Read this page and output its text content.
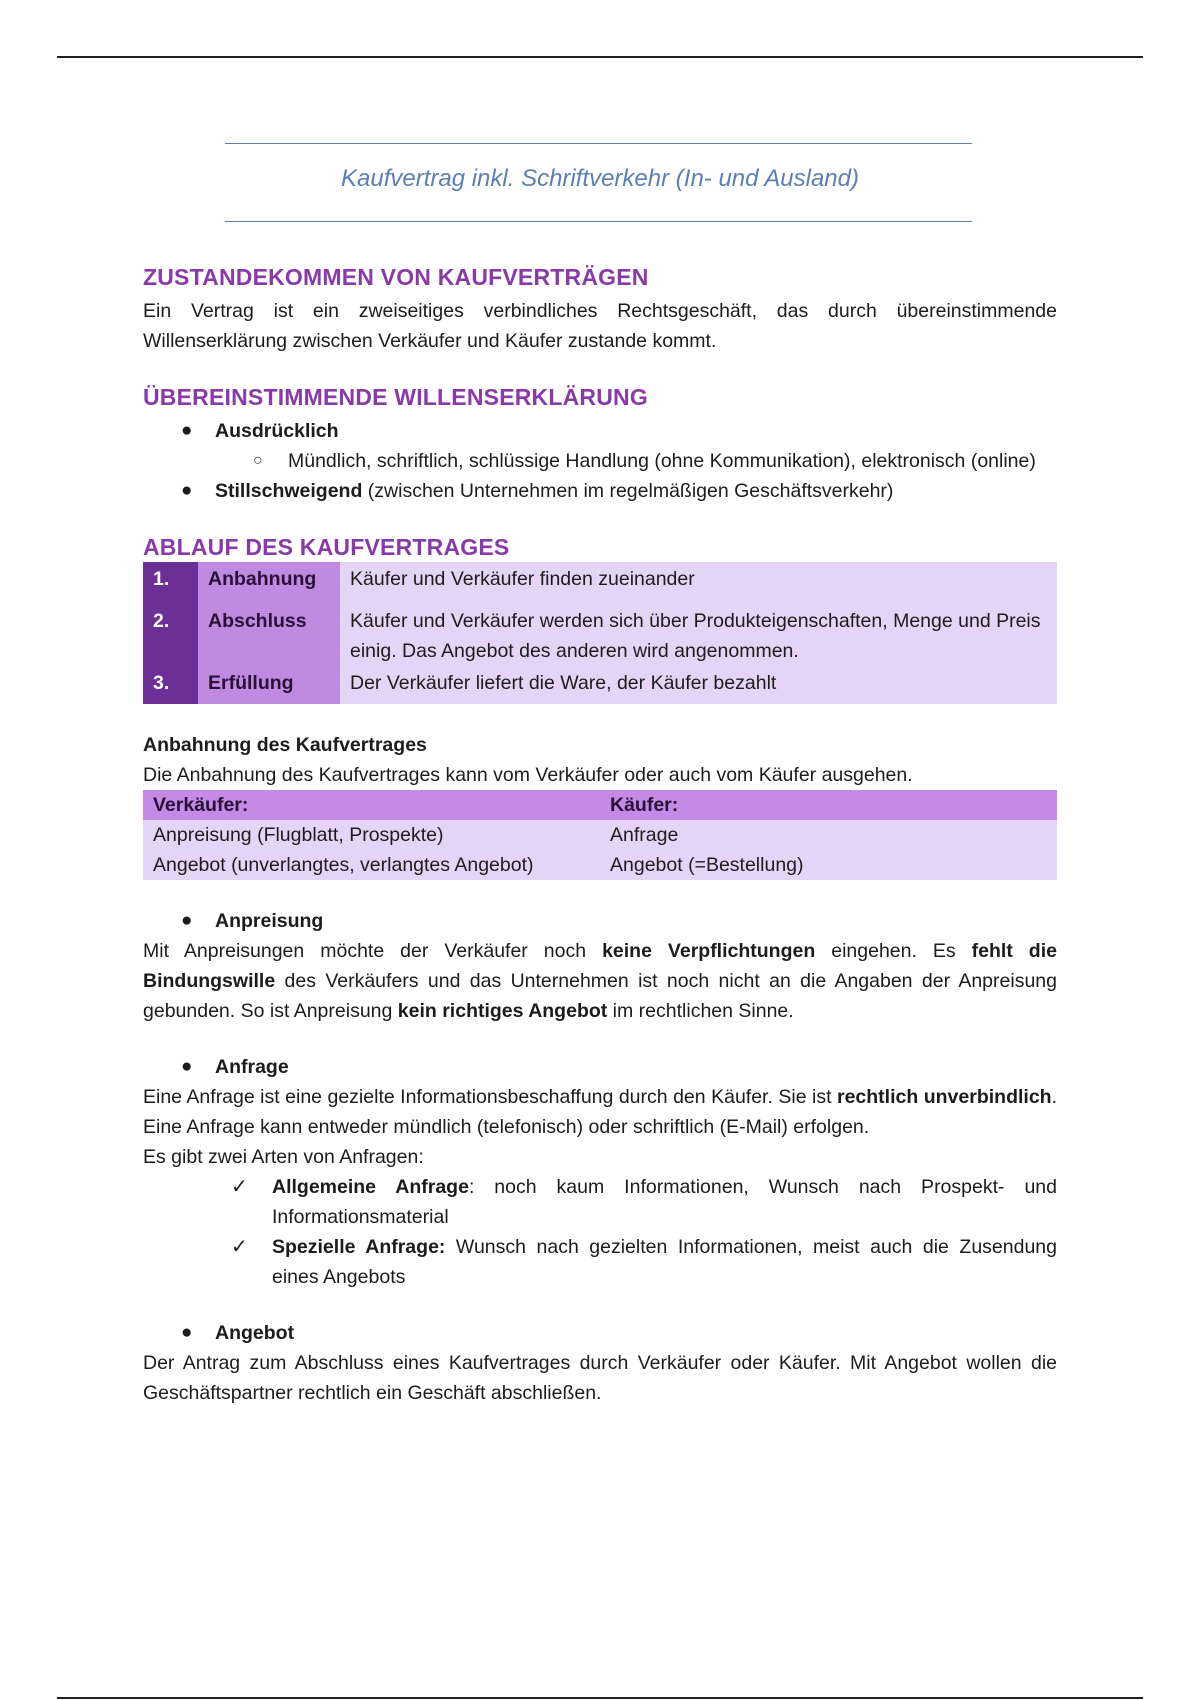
Kaufvertrag inkl. Schriftverkehr (In- und Ausland)
ZUSTANDEKOMMEN VON KAUFVERTRÄGEN

Ein Vertrag ist ein zweiseitiges verbindliches Rechtsgeschäft, das durch übereinstimmende Willenserklärung zwischen Verkäufer und Käufer zustande kommt.

ÜBEREINSTIMMENDE WILLENSERKLÄRUNG
● Ausdrücklich
○ Mündlich, schriftlich, schlüssige Handlung (ohne Kommunikation), elektronisch (online)
● Stillschweigend (zwischen Unternehmen im regelmäßigen Geschäftsverkehr)
ABLAUF DES KAUFVERTRAGES
1.	Anbahnung	Käufer und Verkäufer finden zueinander
2.	Abschluss	Käufer und Verkäufer werden sich über Produkteigenschaften, Menge und Preis einig. Das Angebot des anderen wird angenommen.
3.	Erfüllung	Der Verkäufer liefert die Ware, der Käufer bezahlt
Anbahnung des Kaufvertrages

Die Anbahnung des Kaufvertrages kann vom Verkäufer oder auch vom Käufer ausgehen.

Verkäufer:	Käufer:
Anpreisung (Flugblatt, Prospekte)	Anfrage
Angebot (unverlangtes, verlangtes Angebot)	Angebot (=Bestellung)
● Anpreisung

Mit Anpreisungen möchte der Verkäufer noch keine Verpflichtungen eingehen. Es fehlt die Bindungswille des Verkäufers und das Unternehmen ist noch nicht an die Angaben der Anpreisung gebunden. So ist Anpreisung kein richtiges Angebot im rechtlichen Sinne.

● Anfrage

Eine Anfrage ist eine gezielte Informationsbeschaffung durch den Käufer. Sie ist rechtlich unverbindlich. Eine Anfrage kann entweder mündlich (telefonisch) oder schriftlich (E-Mail) erfolgen.

Es gibt zwei Arten von Anfragen:

✓ Allgemeine Anfrage: noch kaum Informationen, Wunsch nach Prospekt- und Informationsmaterial
✓ Spezielle Anfrage: Wunsch nach gezielten Informationen, meist auch die Zusendung eines Angebots
● Angebot

Der Antrag zum Abschluss eines Kaufvertrages durch Verkäufer oder Käufer. Mit Angebot wollen die Geschäftspartner rechtlich ein Geschäft abschließen.
